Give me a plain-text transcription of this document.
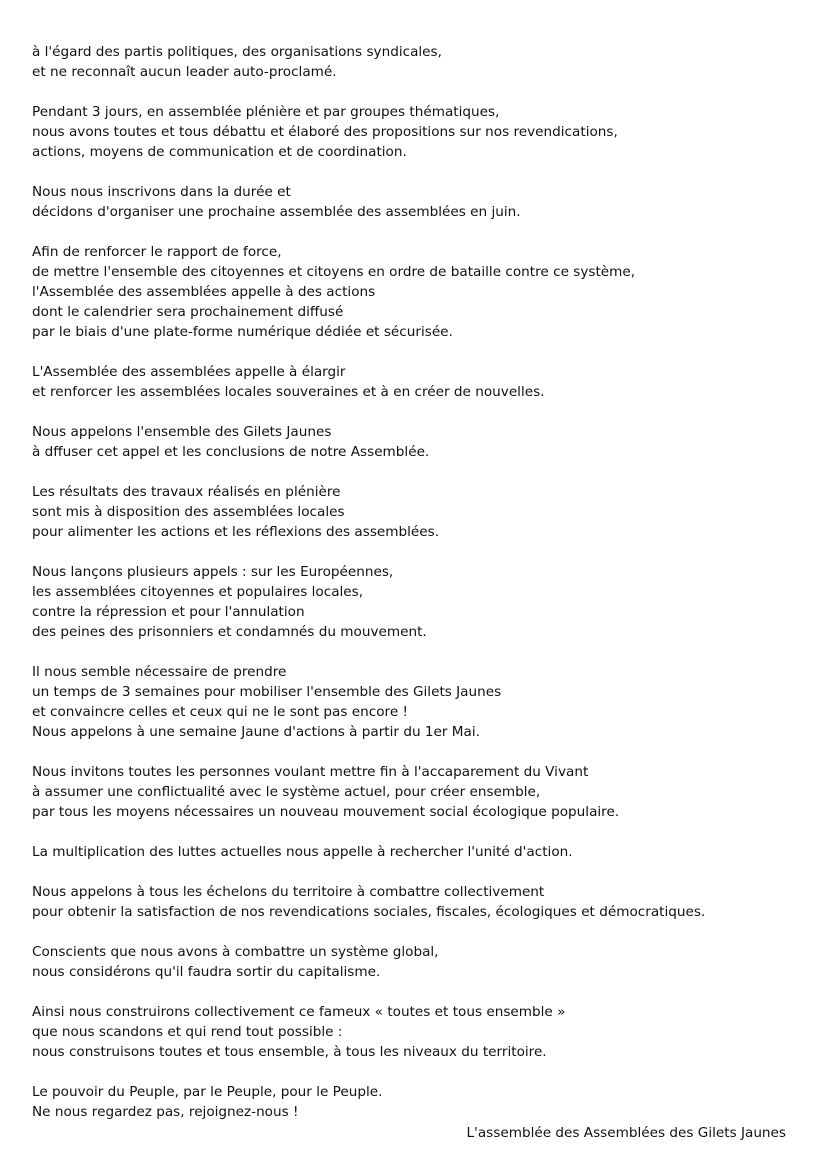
à l'égard des partis politiques, des organisations syndicales,
et ne reconnaît aucun leader auto-proclamé.
Pendant 3 jours, en assemblée plénière et par groupes thématiques,
nous avons toutes et tous débattu et élaboré des propositions sur nos revendications,
actions, moyens de communication et de coordination.
Nous nous inscrivons dans la durée et
décidons d'organiser une prochaine assemblée des assemblées en juin.
Afin de renforcer le rapport de force,
de mettre l'ensemble des citoyennes et citoyens en ordre de bataille contre ce système,
l'Assemblée des assemblées appelle à des actions
dont le calendrier sera prochainement diffusé
par le biais d'une plate-forme numérique dédiée et sécurisée.
L'Assemblée des assemblées appelle à élargir
et renforcer les assemblées locales souveraines et à en créer de nouvelles.
Nous appelons l'ensemble des Gilets Jaunes
à dffuser cet appel et les conclusions de notre Assemblée.
Les résultats des travaux réalisés en plénière
sont mis à disposition des assemblées locales
pour alimenter les actions et les réflexions des assemblées.
Nous lançons plusieurs appels : sur les Européennes,
les assemblées citoyennes et populaires locales,
contre la répression et pour l'annulation
des peines des prisonniers et condamnés du mouvement.
Il nous semble nécessaire de prendre
un temps de 3 semaines pour mobiliser l'ensemble des Gilets Jaunes
et convaincre celles et ceux qui ne le sont pas encore !
Nous appelons à une semaine Jaune d'actions à partir du 1er Mai.
Nous invitons toutes les personnes voulant mettre fin à l'accaparement du Vivant
à assumer une conflictualité avec le système actuel, pour créer ensemble,
par tous les moyens nécessaires un nouveau mouvement social écologique populaire.
La multiplication des luttes actuelles nous appelle à rechercher l'unité d'action.
Nous appelons à tous les échelons du territoire à combattre collectivement
pour obtenir la satisfaction de nos revendications sociales, fiscales, écologiques et démocratiques.
Conscients que nous avons à combattre un système global,
nous considérons qu'il faudra sortir du capitalisme.
Ainsi nous construirons collectivement ce fameux « toutes et tous ensemble »
que nous scandons et qui rend tout possible :
nous construisons toutes et tous ensemble, à tous les niveaux du territoire.
Le pouvoir du Peuple, par le Peuple, pour le Peuple.
Ne nous regardez pas, rejoignez-nous !
L'assemblée des Assemblées des Gilets Jaunes
